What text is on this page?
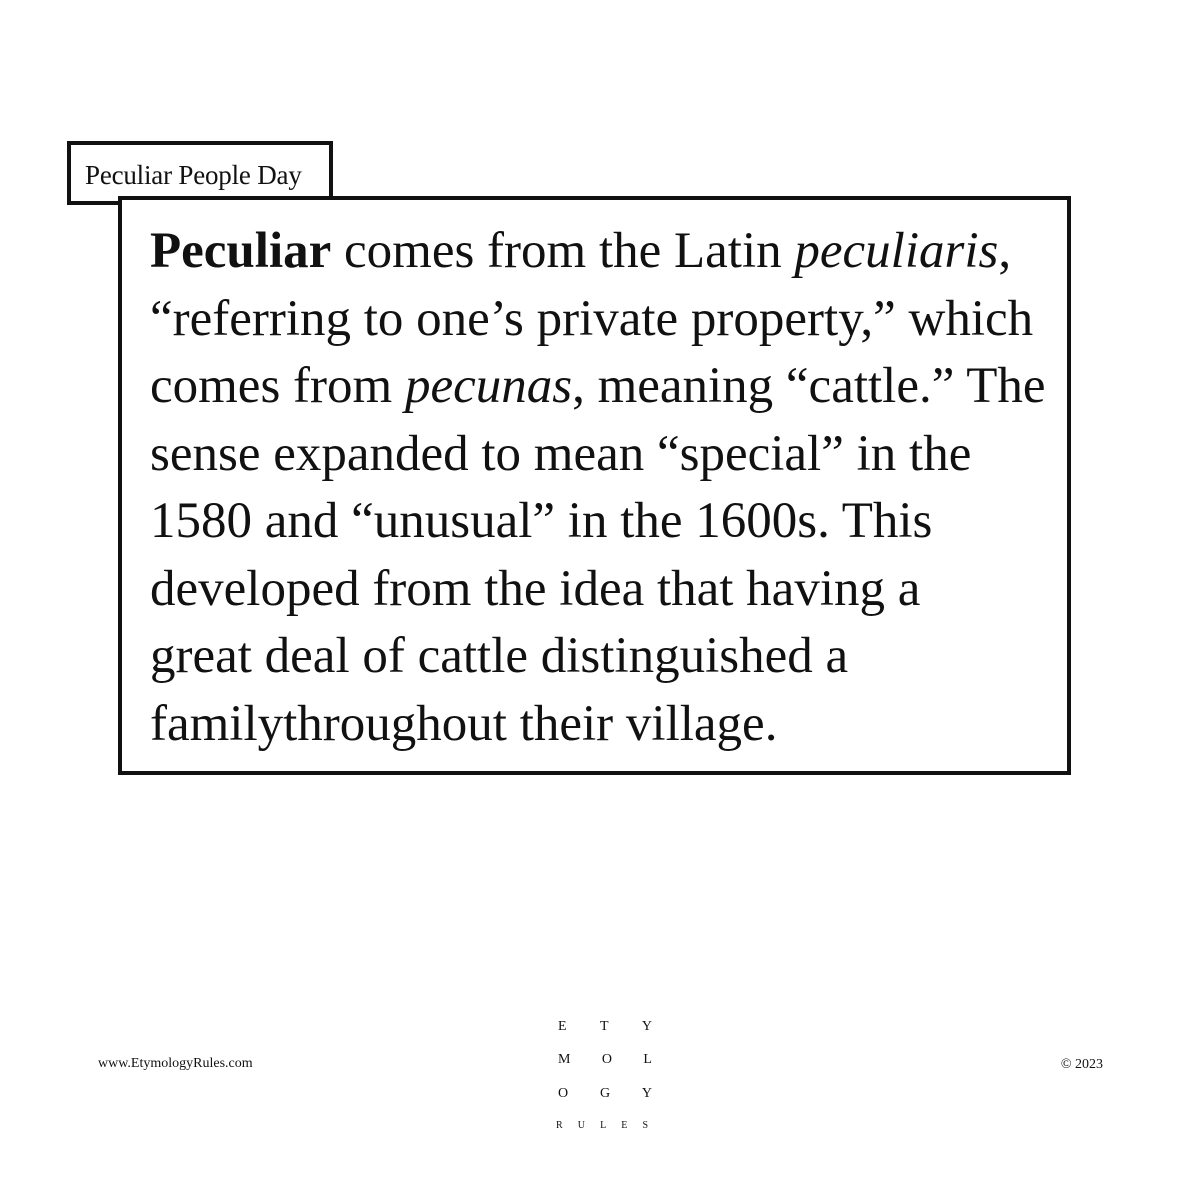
Peculiar People Day

Peculiar comes from the Latin peculiaris,
“referring to one’s private property,” which
comes from pecunas, meaning “cattle.” The
sense expanded to mean “special” in the
1580 and “unusual” in the 1600s. This
developed from the idea that having a
great deal of cattle distinguished a
familythroughout their village.

www.EtymologyRules.com
E T Y
M O L
O G Y
R U L E S
© 2023
